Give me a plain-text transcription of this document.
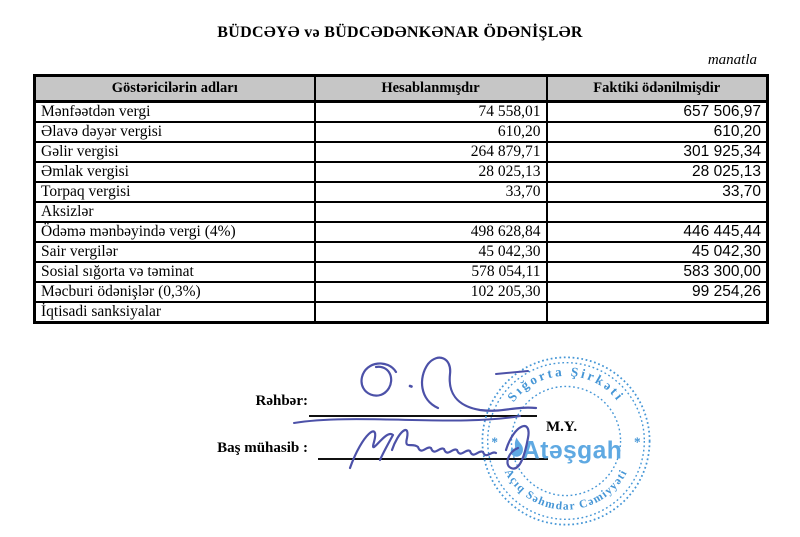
BÜDCƏYƏ və BÜDCƏDƏNKƏNAR ÖDƏNİŞLƏR
manatla
Göstəricilərin adları	Hesablanmışdır	Faktiki ödənilmişdir
Mənfəətdən vergi	74 558,01	657 506,97
Əlavə dəyər vergisi	610,20	610,20
Gəlir vergisi	264 879,71	301 925,34
Əmlak vergisi	28 025,13	28 025,13
Torpaq vergisi	33,70	33,70
Aksizlər		
Ödəmə mənbəyində vergi (4%)	498 628,84	446 445,44
Sair vergilər	45 042,30	45 042,30
Sosial sığorta və təminat	578 054,11	583 300,00
Məcburi ödənişlər (0,3%)	102 205,30	99 254,26
İqtisadi sanksiyalar		
Rəhbər:
Baş mühasib :
M.Y.
Sığorta Şirkəti
Açıq Səhmdar Cəmiyyəti
*	*
Atəşgah
